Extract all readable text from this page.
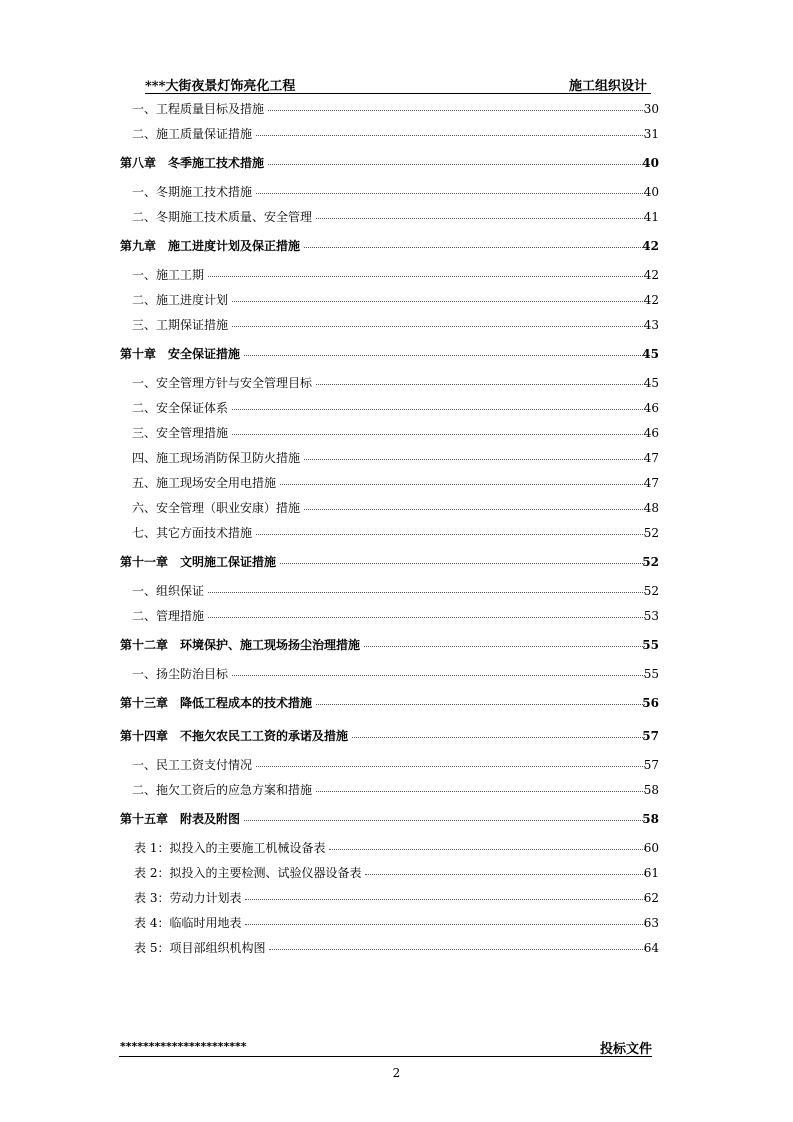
***大街夜景灯饰亮化工程	施工组织设计
一、工程质量目标及措施	30
二、施工质量保证措施	31
第八章　冬季施工技术措施	40
一、冬期施工技术措施	40
二、冬期施工技术质量、安全管理	41
第九章　施工进度计划及保正措施	42
一、施工工期	42
二、施工进度计划	42
三、工期保证措施	43
第十章　安全保证措施	45
一、安全管理方针与安全管理目标	45
二、安全保证体系	46
三、安全管理措施	46
四、施工现场消防保卫防火措施	47
五、施工现场安全用电措施	47
六、安全管理（职业安康）措施	48
七、其它方面技术措施	52
第十一章　文明施工保证措施	52
一、组织保证	52
二、管理措施	53
第十二章　环境保护、施工现场扬尘治理措施	55
一、扬尘防治目标	55
第十三章　降低工程成本的技术措施	56
第十四章　不拖欠农民工工资的承诺及措施	57
一、民工工资支付情况	57
二、拖欠工资后的应急方案和措施	58
第十五章　附表及附图	58
表 1：拟投入的主要施工机械设备表	60
表 2：拟投入的主要检测、试验仪器设备表	61
表 3：劳动力计划表	62
表 4：临临时用地表	63
表 5：项目部组织机构图	64
**********************	投标文件
2
